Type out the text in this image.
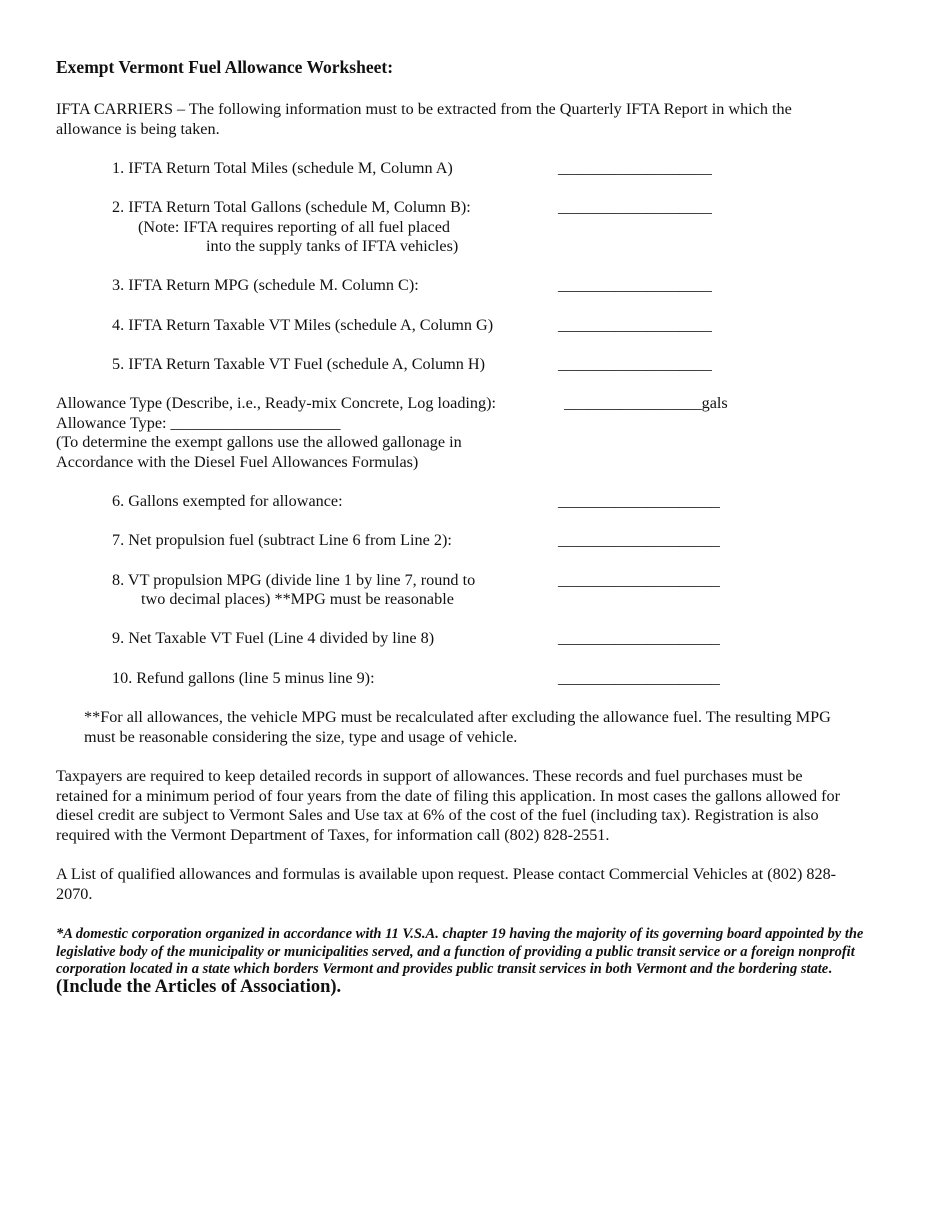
Exempt Vermont Fuel Allowance Worksheet:
IFTA CARRIERS – The following information must to be extracted from the Quarterly IFTA Report in which the
allowance is being taken.
1. IFTA Return Total Miles (schedule M, Column A)	___________________
2. IFTA Return Total Gallons (schedule M, Column B):
(Note: IFTA requires reporting of all fuel placed
into the supply tanks of IFTA vehicles)
___________________
3. IFTA Return MPG (schedule M. Column C):	___________________
4. IFTA Return Taxable VT Miles (schedule A, Column G)	___________________
5. IFTA Return Taxable VT Fuel (schedule A, Column H)	___________________
Allowance Type (Describe, i.e., Ready-mix Concrete, Log loading):	_________________gals
Allowance Type: _____________________
(To determine the exempt gallons use the allowed gallonage in
Accordance with the Diesel Fuel Allowances Formulas)
6. Gallons exempted for allowance:	____________________
7. Net propulsion fuel (subtract Line 6 from Line 2):	____________________
8. VT propulsion MPG (divide line 1 by line 7, round to
two decimal places) **MPG must be reasonable
____________________
9. Net Taxable VT Fuel (Line 4 divided by line 8)	____________________
10. Refund gallons (line 5 minus line 9):	____________________
**For all allowances, the vehicle MPG must be recalculated after excluding the allowance fuel. The resulting MPG
must be reasonable considering the size, type and usage of vehicle.
Taxpayers are required to keep detailed records in support of allowances. These records and fuel purchases must be
retained for a minimum period of four years from the date of filing this application. In most cases the gallons allowed for
diesel credit are subject to Vermont Sales and Use tax at 6% of the cost of the fuel (including tax). Registration is also
required with the Vermont Department of Taxes, for information call (802) 828-2551.
A List of qualified allowances and formulas is available upon request. Please contact Commercial Vehicles at (802) 828-
2070.
*A domestic corporation organized in accordance with 11 V.S.A. chapter 19 having the majority of its governing board appointed by the legislative body of the municipality or municipalities served, and a function of providing a public transit service or a foreign nonprofit corporation located in a state which borders Vermont and provides public transit services in both Vermont and the bordering state.  (Include the Articles of Association).
